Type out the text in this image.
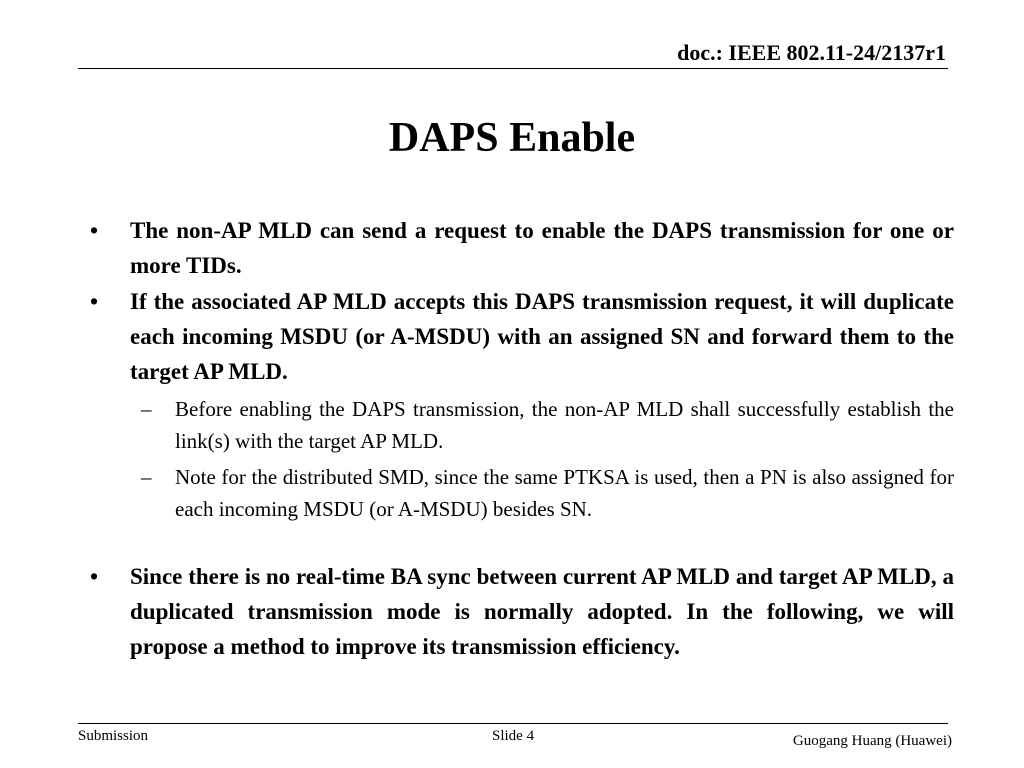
doc.: IEEE 802.11-24/2137r1
DAPS Enable
• The non-AP MLD can send a request to enable the DAPS transmission for one or more TIDs.
• If the associated AP MLD accepts this DAPS transmission request, it will duplicate each incoming MSDU (or A-MSDU) with an assigned SN and forward them to the target AP MLD.
– Before enabling the DAPS transmission, the non-AP MLD shall successfully establish the link(s) with the target AP MLD.
– Note for the distributed SMD, since the same PTKSA is used, then a PN is also assigned for each incoming MSDU (or A-MSDU) besides SN.
• Since there is no real-time BA sync between current AP MLD and target AP MLD, a duplicated transmission mode is normally adopted. In the following, we will propose a method to improve its transmission efficiency.
Submission	Slide 4	Guogang Huang (Huawei)
